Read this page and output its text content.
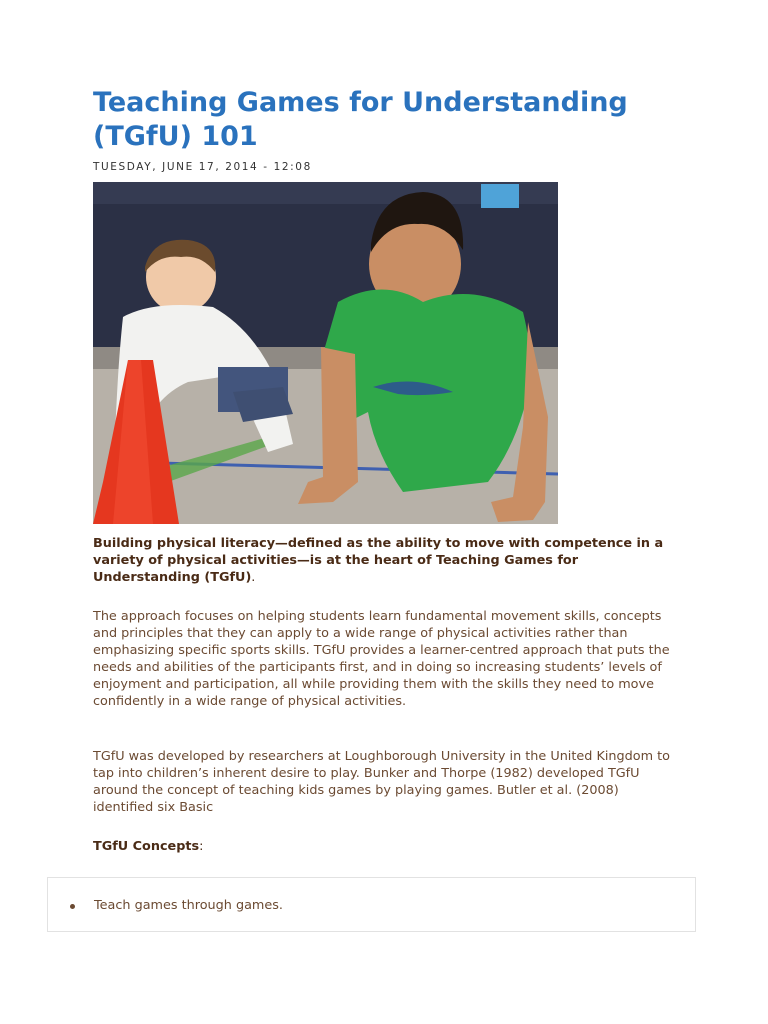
Teaching Games for Understanding (TGfU) 101
TUESDAY, JUNE 17, 2014 - 12:08

Building physical literacy—defined as the ability to move with competence in a variety of physical activities—is at the heart of Teaching Games for Understanding (TGfU).

The approach focuses on helping students learn fundamental movement skills, concepts and principles that they can apply to a wide range of physical activities rather than emphasizing specific sports skills. TGfU provides a learner-centred approach that puts the needs and abilities of the participants first, and in doing so increasing students’ levels of enjoyment and participation, all while providing them with the skills they need to move confidently in a wide range of physical activities.

TGfU was developed by researchers at Loughborough University in the United Kingdom to tap into children’s inherent desire to play. Bunker and Thorpe (1982) developed TGfU around the concept of teaching kids games by playing games. Butler et al. (2008) identified six Basic

TGfU Concepts:

Teach games through games.
